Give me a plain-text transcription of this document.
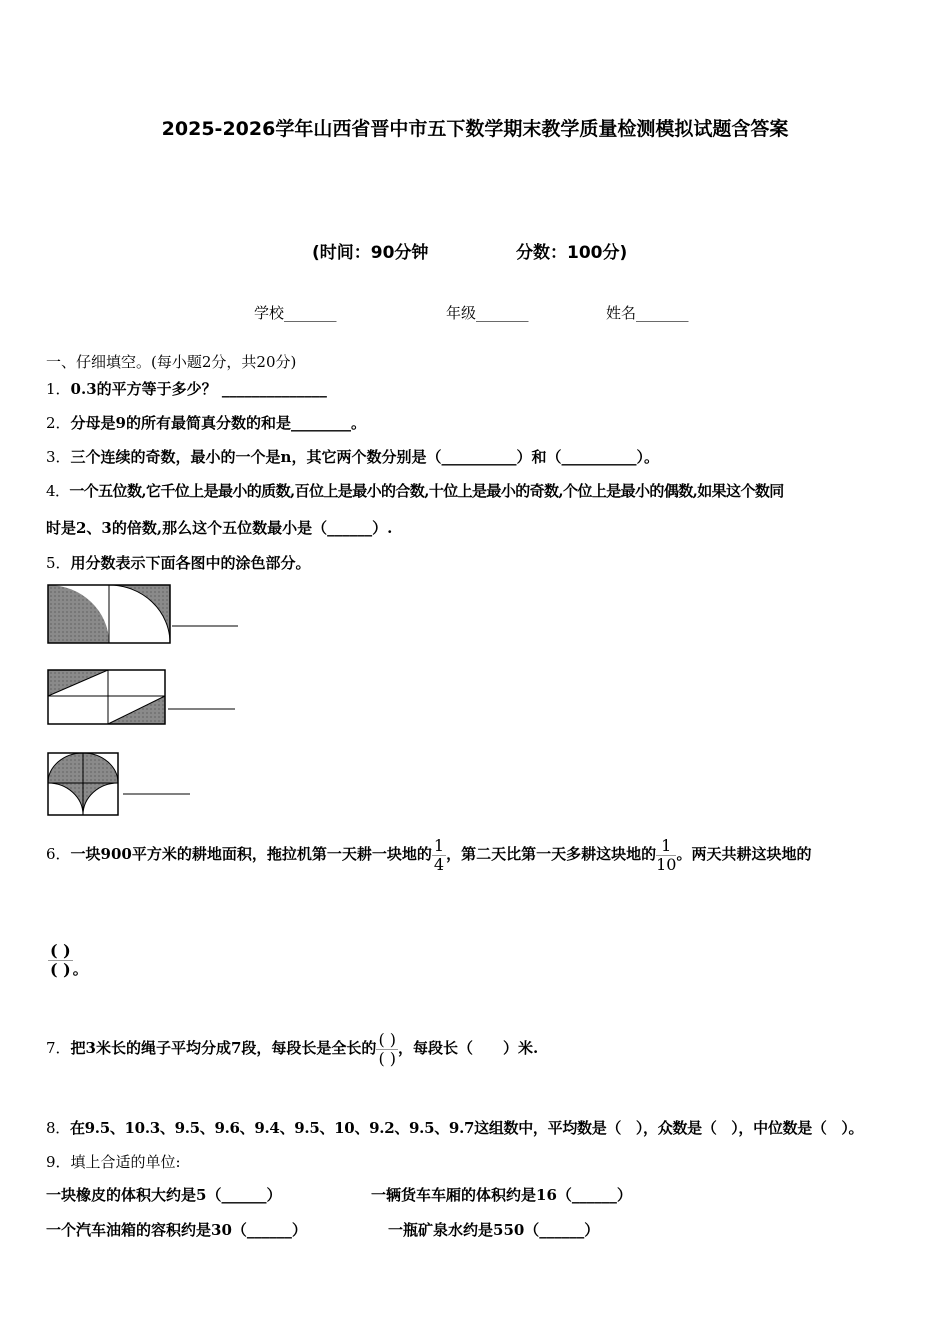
2025-2026学年山西省晋中市五下数学期末教学质量检测模拟试题含答案
(时间：90分钟	分数：100分)
学校_______	年级_______	姓名_______
一、仔细填空。(每小题2分，共20分)
1．0.3的平方等于多少？ ______________
2．分母是9的所有最简真分数的和是________。
3．三个连续的奇数，最小的一个是n，其它两个数分别是（__________）和（__________）。
4．一个五位数,它千位上是最小的质数,百位上是最小的合数,十位上是最小的奇数,个位上是最小的偶数,如果这个数同
时是2、3的倍数,那么这个五位数最小是（______）.
5．用分数表示下面各图中的涂色部分。
6．一块900平方米的耕地面积，拖拉机第一天耕一块地的 $\frac{1}{4}$ ，第二天比第一天多耕这块地的 $\frac{1}{10}$ 。两天共耕这块地的
$\frac{( )}{( )}$ 。
7．把3米长的绳子平均分成7段，每段长是全长的 $\frac{( )}{( )}$ ，每段长（　　）米.
8．在9.5、10.3、9.5、9.6、9.4、9.5、10、9.2、9.5、9.7这组数中，平均数是（　），众数是（　），中位数是（　）。
9．填上合适的单位:
一块橡皮的体积大约是5（______）	一辆货车车厢的体积约是16（______）
一个汽车油箱的容积约是30（______）	一瓶矿泉水约是550（______）
